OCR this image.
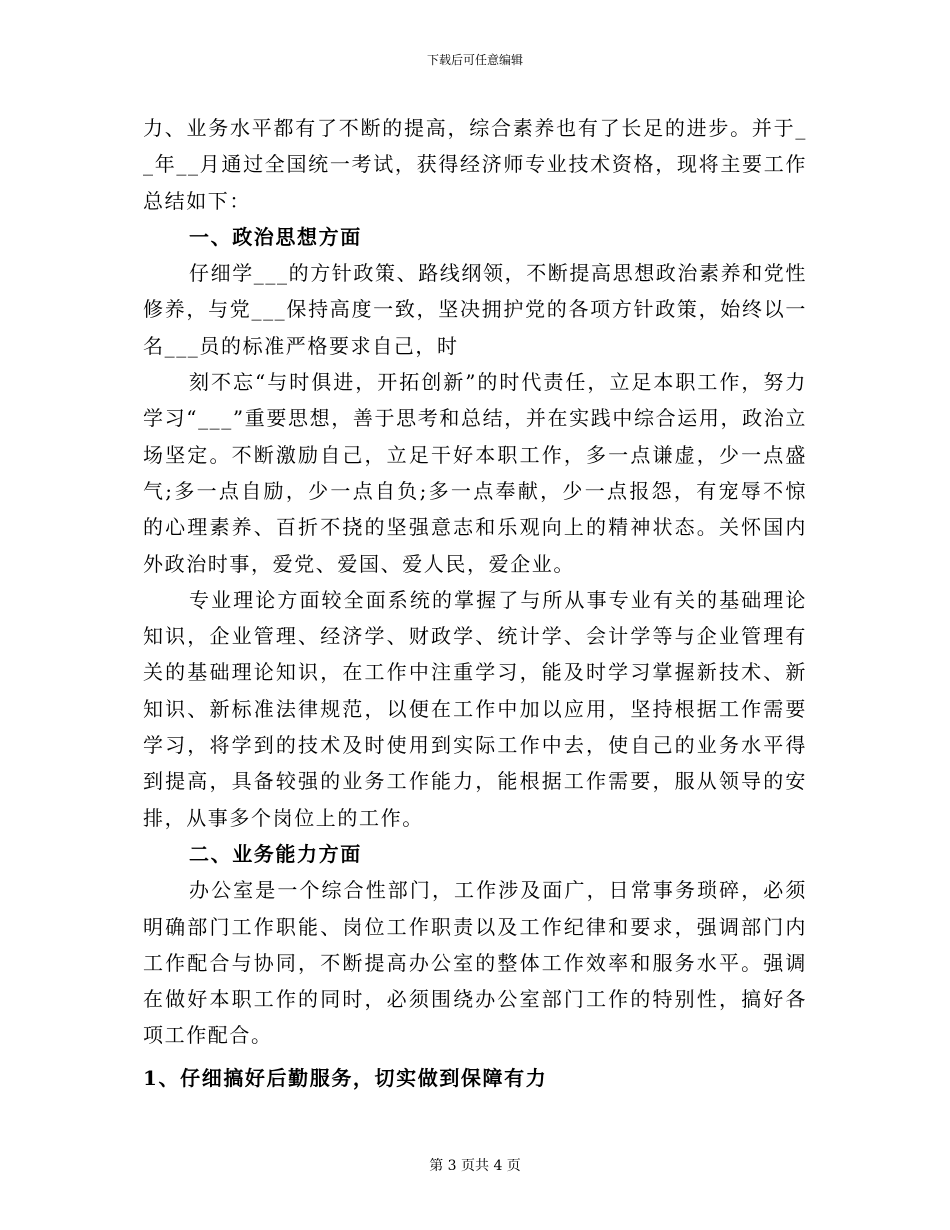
下载后可任意编辑

力、业务水平都有了不断的提高，综合素养也有了长足的进步。并于__年__月通过全国统一考试，获得经济师专业技术资格，现将主要工作总结如下：

一、政治思想方面

仔细学___的方针政策、路线纲领，不断提高思想政治素养和党性修养，与党___保持高度一致，坚决拥护党的各项方针政策，始终以一名___员的标准严格要求自己，时

刻不忘“与时俱进，开拓创新”的时代责任，立足本职工作，努力学习“___”重要思想，善于思考和总结，并在实践中综合运用，政治立场坚定。不断激励自己，立足干好本职工作，多一点谦虚，少一点盛气;多一点自励，少一点自负;多一点奉献，少一点报怨，有宠辱不惊的心理素养、百折不挠的坚强意志和乐观向上的精神状态。关怀国内外政治时事，爱党、爱国、爱人民，爱企业。

专业理论方面较全面系统的掌握了与所从事专业有关的基础理论知识，企业管理、经济学、财政学、统计学、会计学等与企业管理有关的基础理论知识，在工作中注重学习，能及时学习掌握新技术、新知识、新标准法律规范，以便在工作中加以应用，坚持根据工作需要学习，将学到的技术及时使用到实际工作中去，使自己的业务水平得到提高，具备较强的业务工作能力，能根据工作需要，服从领导的安排，从事多个岗位上的工作。

二、业务能力方面

办公室是一个综合性部门，工作涉及面广，日常事务琐碎，必须明确部门工作职能、岗位工作职责以及工作纪律和要求，强调部门内工作配合与协同，不断提高办公室的整体工作效率和服务水平。强调在做好本职工作的同时，必须围绕办公室部门工作的特别性，搞好各项工作配合。

1、仔细搞好后勤服务，切实做到保障有力

第 3 页共 4 页
